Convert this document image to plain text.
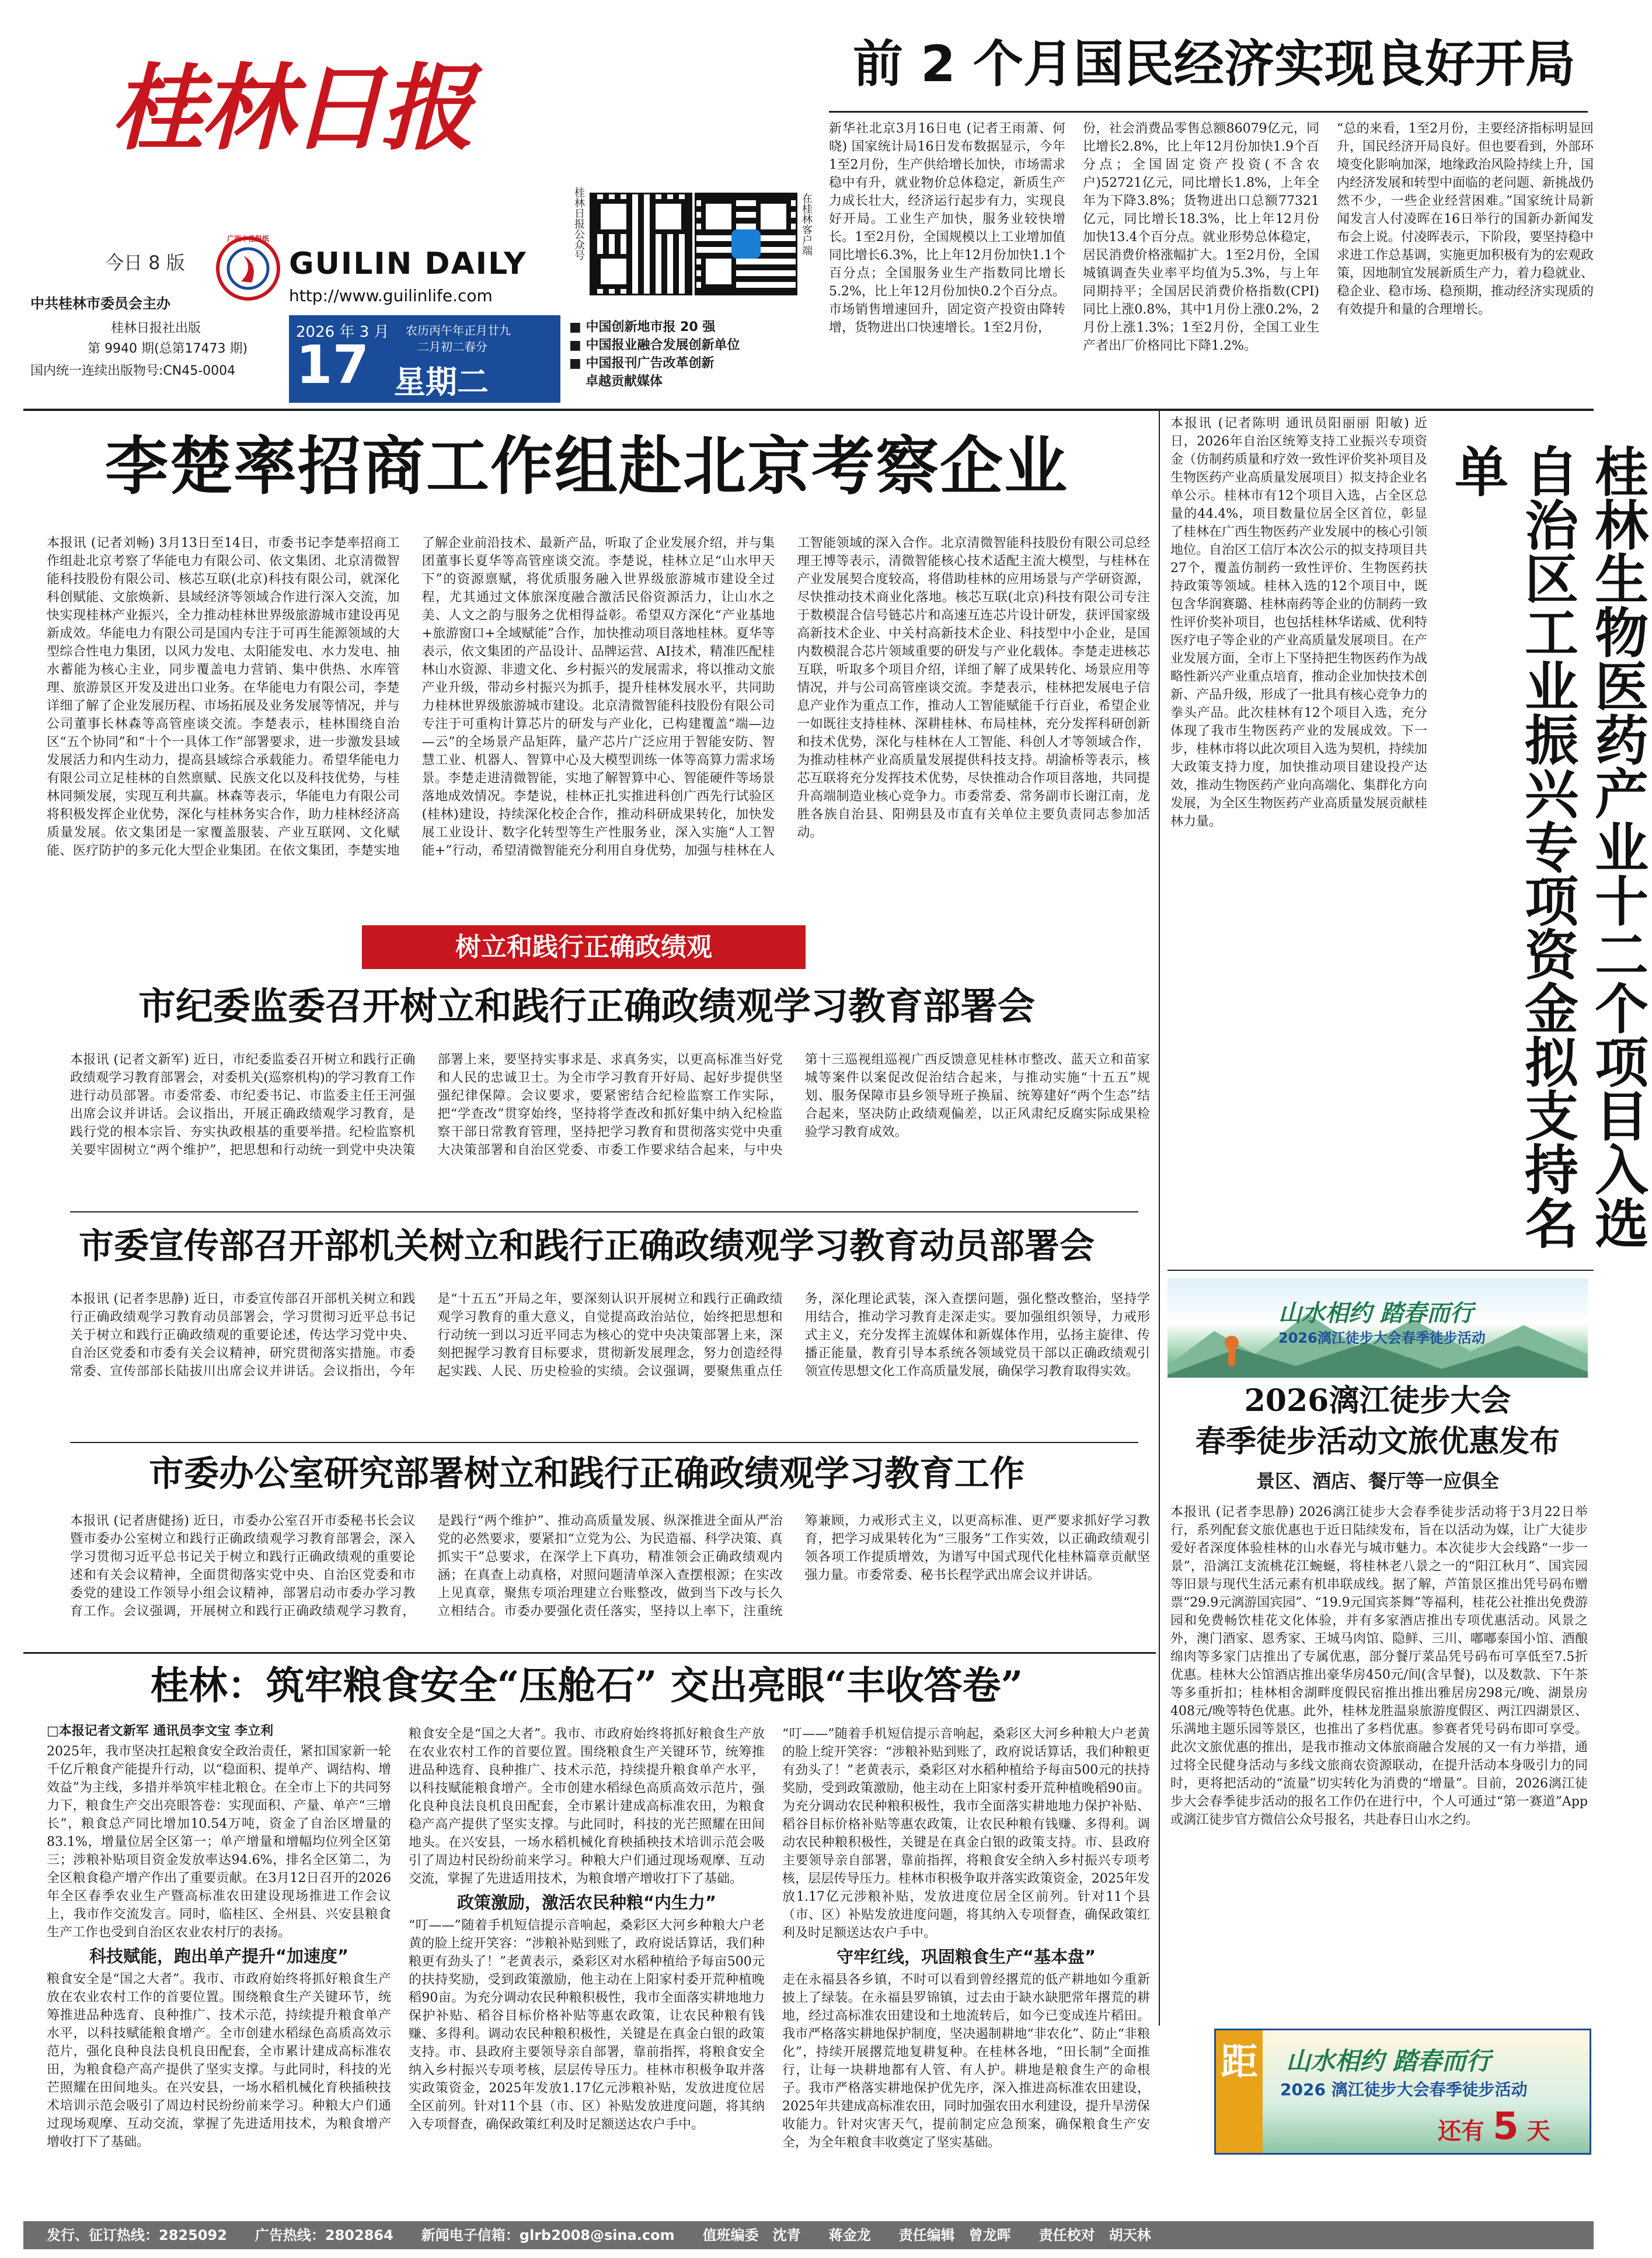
桂林日报
今日 8 版
广西十佳报纸
中共桂林市委员会主办
GUILIN DAILY
http://www.guilinlife.com
桂林日报社出版
第 9940 期(总第17473 期)
国内统一连续出版物号:CN45-0004
2026 年 3 月
17
农历丙午年正月廿九
二月初二春分
星期二
桂林日报公众号	在桂林客户端
■ 中国创新地市报 20 强
■ 中国报业融合发展创新单位
■ 中国报刊广告改革创新
卓越贡献媒体
前 2 个月国民经济实现良好开局
新华社北京3月16日电 (记者王雨萧、何晓) 国家统计局16日发布数据显示，今年1至2月份，生产供给增长加快，市场需求稳中有升，就业物价总体稳定，新质生产力成长壮大，经济运行起步有力，实现良好开局。工业生产加快，服务业较快增长。1至2月份，全国规模以上工业增加值同比增长6.3%，比上年12月份加快1.1个百分点；全国服务业生产指数同比增长5.2%，比上年12月份加快0.2个百分点。市场销售增速回升，固定资产投资由降转增，货物进出口快速增长。1至2月份，
份，社会消费品零售总额86079亿元，同比增长2.8%，比上年12月份加快1.9个百分点；全国固定资产投资(不含农户)52721亿元，同比增长1.8%，上年全年为下降3.8%；货物进出口总额77321亿元，同比增长18.3%，比上年12月份加快13.4个百分点。就业形势总体稳定，居民消费价格涨幅扩大。1至2月份，全国城镇调查失业率平均值为5.3%，与上年同期持平；全国居民消费价格指数(CPI)同比上涨0.8%，其中1月份上涨0.2%，2月份上涨1.3%；1至2月份，全国工业生产者出厂价格同比下降1.2%。
“总的来看，1至2月份，主要经济指标明显回升，国民经济开局良好。但也要看到，外部环境变化影响加深，地缘政治风险持续上升，国内经济发展和转型中面临的老问题、新挑战仍然不少，一些企业经营困难。”国家统计局新闻发言人付凌晖在16日举行的国新办新闻发布会上说。付凌晖表示，下阶段，要坚持稳中求进工作总基调，实施更加积极有为的宏观政策，因地制宜发展新质生产力，着力稳就业、稳企业、稳市场、稳预期，推动经济实现质的有效提升和量的合理增长。
李楚率招商工作组赴北京考察企业
本报讯 (记者刘畅) 3月13日至14日，市委书记李楚率招商工作组赴北京考察了华能电力有限公司、依文集团、北京清微智能科技股份有限公司、核芯互联(北京)科技有限公司，就深化科创赋能、文旅焕新、县域经济等领域合作进行深入交流，加快实现桂林产业振兴，全力推动桂林世界级旅游城市建设再见新成效。华能电力有限公司是国内专注于可再生能源领域的大型综合性电力集团，以风力发电、太阳能发电、水力发电、抽水蓄能为核心主业，同步覆盖电力营销、集中供热、水库管理、旅游景区开发及进出口业务。在华能电力有限公司，李楚详细了解了企业发展历程、市场拓展及业务发展等情况，并与公司董事长林森等高管座谈交流。李楚表示，桂林围绕自治区“五个协同”和“十个一具体工作”部署要求，进一步激发县域发展活力和内生动力，提高县域综合承载能力。希望华能电力有限公司立足桂林的自然禀赋、民族文化以及科技优势，与桂林同频发展，实现互利共赢。林森等表示，华能电力有限公司将积极发挥企业优势，深化与桂林务实合作，助力桂林经济高质量发展。依文集团是一家覆盖服装、产业互联网、文化赋能、医疗防护的多元化大型企业集团。在依文集团，李楚实地了解企业前沿技术、最新产品，听取了企业发展介绍，并与集团董事长夏华等高管座谈交流。李楚说，桂林立足“山水甲天下”的资源禀赋，将优质服务融入世界级旅游城市建设全过程，尤其通过文体旅深度融合激活民俗资源活力，让山水之美、人文之韵与服务之优相得益彰。希望双方深化“产业基地+旅游窗口+全域赋能”合作，加快推动项目落地桂林。夏华等表示，依文集团的产品设计、品牌运营、AI技术，精准匹配桂林山水资源、非遗文化、乡村振兴的发展需求，将以推动文旅产业升级，带动乡村振兴为抓手，提升桂林发展水平，共同助力桂林世界级旅游城市建设。北京清微智能科技股份有限公司专注于可重构计算芯片的研发与产业化，已构建覆盖“端—边—云”的全场景产品矩阵，量产芯片广泛应用于智能安防、智慧工业、机器人、智算中心及大模型训练一体等高算力需求场景。李楚走进清微智能，实地了解智算中心、智能硬件等场景落地成效情况。李楚说，桂林正扎实推进科创广西先行试验区(桂林)建设，持续深化校企合作，推动科研成果转化，加快发展工业设计、数字化转型等生产性服务业，深入实施“人工智能+”行动，希望清微智能充分利用自身优势，加强与桂林在人工智能领域的深入合作。北京清微智能科技股份有限公司总经理王博等表示，清微智能核心技术适配主流大模型，与桂林在产业发展契合度较高，将借助桂林的应用场景与产学研资源，尽快推动技术商业化落地。核芯互联(北京)科技有限公司专注于数模混合信号链芯片和高速互连芯片设计研发，获评国家级高新技术企业、中关村高新技术企业、科技型中小企业，是国内数模混合芯片领域重要的研发与产业化载体。李楚走进核芯互联，听取多个项目介绍，详细了解了成果转化、场景应用等情况，并与公司高管座谈交流。李楚表示，桂林把发展电子信息产业作为重点工作，推动人工智能赋能千行百业，希望企业一如既往支持桂林、深耕桂林、布局桂林，充分发挥科研创新和技术优势，深化与桂林在人工智能、科创人才等领域合作，为推动桂林产业高质量发展提供科技支持。胡渝桥等表示，核芯互联将充分发挥技术优势，尽快推动合作项目落地，共同提升高端制造业核心竞争力。市委常委、常务副市长谢江南，龙胜各族自治县、阳朔县及市直有关单位主要负责同志参加活动。	桂林生物医药产业十二个项目入选自治区工业振兴专项资金拟支持名单
本报讯 (记者陈明 通讯员阳丽丽 阳敏) 近日，2026年自治区统筹支持工业振兴专项资金（仿制药质量和疗效一致性评价奖补项目及生物医药产业高质量发展项目）拟支持企业名单公示。桂林市有12个项目入选，占全区总量的44.4%，项目数量位居全区首位，彰显了桂林在广西生物医药产业发展中的核心引领地位。自治区工信厅本次公示的拟支持项目共27个，覆盖仿制药一致性评价、生物医药扶持政策等领域。桂林入选的12个项目中，既包含华润赛璐、桂林南药等企业的仿制药一致性评价奖补项目，也包括桂林华诺威、优利特医疗电子等企业的产业高质量发展项目。在产业发展方面，全市上下坚持把生物医药作为战略性新兴产业重点培育，推动企业加快技术创新、产品升级，形成了一批具有核心竞争力的拳头产品。此次桂林有12个项目入选，充分体现了我市生物医药产业的发展成效。下一步，桂林市将以此次项目入选为契机，持续加大政策支持力度，加快推动项目建设投产达效，推动生物医药产业向高端化、集群化方向发展，为全区生物医药产业高质量发展贡献桂林力量。
树立和践行正确政绩观
市纪委监委召开树立和践行正确政绩观学习教育部署会
本报讯 (记者文新军) 近日，市纪委监委召开树立和践行正确政绩观学习教育部署会，对委机关(巡察机构)的学习教育工作进行动员部署。市委常委、市纪委书记、市监委主任王河强出席会议并讲话。会议指出，开展正确政绩观学习教育，是践行党的根本宗旨、夯实执政根基的重要举措。纪检监察机关要牢固树立“两个维护”，把思想和行动统一到党中央决策部署上来，要坚持实事求是、求真务实，以更高标准当好党和人民的忠诚卫士。为全市学习教育开好局、起好步提供坚强纪律保障。会议要求，要紧密结合纪检监察工作实际，把“学查改”贯穿始终，坚持将学查改和抓好集中纳入纪检监察干部日常教育管理，坚持把学习教育和贯彻落实党中央重大决策部署和自治区党委、市委工作要求结合起来，与中央第十三巡视组巡视广西反馈意见桂林市整改、蓝天立和苗家城等案件以案促改促治结合起来，与推动实施“十五五”规划、服务保障市县乡领导班子换届、统筹建好“两个生态”结合起来，坚决防止政绩观偏差，以正风肃纪反腐实际成果检验学习教育成效。
市委宣传部召开部机关树立和践行正确政绩观学习教育动员部署会
本报讯 (记者李思静) 近日，市委宣传部召开部机关树立和践行正确政绩观学习教育动员部署会，学习贯彻习近平总书记关于树立和践行正确政绩观的重要论述，传达学习党中央、自治区党委和市委有关会议精神，研究贯彻落实措施。市委常委、宣传部部长陆拔川出席会议并讲话。会议指出，今年是“十五五”开局之年，要深刻认识开展树立和践行正确政绩观学习教育的重大意义，自觉提高政治站位，始终把思想和行动统一到以习近平同志为核心的党中央决策部署上来，深刻把握学习教育目标要求，贯彻新发展理念，努力创造经得起实践、人民、历史检验的实绩。会议强调，要聚焦重点任务，深化理论武装，深入查摆问题，强化整改整治，坚持学用结合，推动学习教育走深走实。要加强组织领导，力戒形式主义，充分发挥主流媒体和新媒体作用，弘扬主旋律、传播正能量，教育引导本系统各领域党员干部以正确政绩观引领宣传思想文化工作高质量发展，确保学习教育取得实效。
市委办公室研究部署树立和践行正确政绩观学习教育工作
本报讯 (记者唐健扬) 近日，市委办公室召开市委秘书长会议暨市委办公室树立和践行正确政绩观学习教育部署会，深入学习贯彻习近平总书记关于树立和践行正确政绩观的重要论述和有关会议精神，全面贯彻落实党中央、自治区党委和市委党的建设工作领导小组会议精神，部署启动市委办学习教育工作。会议强调，开展树立和践行正确政绩观学习教育，是践行“两个维护”、推动高质量发展、纵深推进全面从严治党的必然要求，要紧扣“立党为公、为民造福、科学决策、真抓实干”总要求，在深学上下真功，精准领会正确政绩观内涵；在真查上动真格，对照问题清单深入查摆根源；在实改上见真章，聚焦专项治理建立台账整改，做到当下改与长久立相结合。市委办要强化责任落实，坚持以上率下，注重统筹兼顾，力戒形式主义，以更高标准、更严要求抓好学习教育，把学习成果转化为“三服务”工作实效，以正确政绩观引领各项工作提质增效，为谱写中国式现代化桂林篇章贡献坚强力量。市委常委、秘书长程学武出席会议并讲话。
桂林：筑牢粮食安全“压舱石” 交出亮眼“丰收答卷”
□本报记者文新军 通讯员李文宝 李立利
2025年，我市坚决扛起粮食安全政治责任，紧扣国家新一轮千亿斤粮食产能提升行动，以“稳面积、提单产、调结构、增效益”为主线，多措并举筑牢桂北粮仓。在全市上下的共同努力下，粮食生产交出亮眼答卷：实现面积、产量、单产“三增长”，粮食总产同比增加10.54万吨，资金了自治区增量的83.1%，增量位居全区第一；单产增量和增幅均位列全区第三；涉粮补贴项目资金发放率达94.6%，排名全区第二，为全区粮食稳产增产作出了重要贡献。在3月12日召开的2026年全区春季农业生产暨高标准农田建设现场推进工作会议上，我市作交流发言。同时，临桂区、全州县、兴安县粮食生产工作也受到自治区农业农村厅的表扬。
科技赋能，跑出单产提升“加速度”
粮食安全是“国之大者”。我市、市政府始终将抓好粮食生产放在农业农村工作的首要位置。围绕粮食生产关键环节，统筹推进品种选育、良种推广、技术示范，持续提升粮食单产水平，以科技赋能粮食增产。全市创建水稻绿色高质高效示范片，强化良种良法良机良田配套，全市累计建成高标准农田，为粮食稳产高产提供了坚实支撑。与此同时，科技的光芒照耀在田间地头。在兴安县，一场水稻机械化育秧插秧技术培训示范会吸引了周边村民纷纷前来学习。种粮大户们通过现场观摩、互动交流，掌握了先进适用技术，为粮食增产增收打下了基础。
粮食安全是“国之大者”。我市、市政府始终将抓好粮食生产放在农业农村工作的首要位置。围绕粮食生产关键环节，统筹推进品种选育、良种推广、技术示范，持续提升粮食单产水平，以科技赋能粮食增产。全市创建水稻绿色高质高效示范片，强化良种良法良机良田配套，全市累计建成高标准农田，为粮食稳产高产提供了坚实支撑。与此同时，科技的光芒照耀在田间地头。在兴安县，一场水稻机械化育秧插秧技术培训示范会吸引了周边村民纷纷前来学习。种粮大户们通过现场观摩、互动交流，掌握了先进适用技术，为粮食增产增收打下了基础。
政策激励，激活农民种粮“内生力”
“叮——”随着手机短信提示音响起，桑彩区大河乡种粮大户老黄的脸上绽开笑容：“涉粮补贴到账了，政府说话算话，我们种粮更有劲头了！”老黄表示，桑彩区对水稻种植给予每亩500元的扶持奖励，受到政策激励，他主动在上阳家村委开荒种植晚稻90亩。为充分调动农民种粮积极性，我市全面落实耕地地力保护补贴、稻谷目标价格补贴等惠农政策，让农民种粮有钱赚、多得利。调动农民种粮积极性，关键是在真金白银的政策支持。市、县政府主要领导亲自部署，靠前指挥，将粮食安全纳入乡村振兴专项考核，层层传导压力。桂林市积极争取并落实政策资金，2025年发放1.17亿元涉粮补贴，发放进度位居全区前列。针对11个县（市、区）补贴发放进度问题，将其纳入专项督查，确保政策红利及时足额送达农户手中。
“叮——”随着手机短信提示音响起，桑彩区大河乡种粮大户老黄的脸上绽开笑容：“涉粮补贴到账了，政府说话算话，我们种粮更有劲头了！”老黄表示，桑彩区对水稻种植给予每亩500元的扶持奖励，受到政策激励，他主动在上阳家村委开荒种植晚稻90亩。为充分调动农民种粮积极性，我市全面落实耕地地力保护补贴、稻谷目标价格补贴等惠农政策，让农民种粮有钱赚、多得利。调动农民种粮积极性，关键是在真金白银的政策支持。市、县政府主要领导亲自部署，靠前指挥，将粮食安全纳入乡村振兴专项考核，层层传导压力。桂林市积极争取并落实政策资金，2025年发放1.17亿元涉粮补贴，发放进度位居全区前列。针对11个县（市、区）补贴发放进度问题，将其纳入专项督查，确保政策红利及时足额送达农户手中。
守牢红线，巩固粮食生产“基本盘”
走在永福县各乡镇，不时可以看到曾经撂荒的低产耕地如今重新披上了绿装。在永福县罗锦镇，过去由于缺水缺肥常年撂荒的耕地，经过高标准农田建设和土地流转后，如今已变成连片稻田。我市严格落实耕地保护制度，坚决遏制耕地“非农化”、防止“非粮化”，持续开展撂荒地复耕复种。在桂林各地，“田长制”全面推行，让每一块耕地都有人管、有人护。耕地是粮食生产的命根子。我市严格落实耕地保护优先序，深入推进高标准农田建设，2025年共建成高标准农田，同时加强农田水利建设，提升旱涝保收能力。针对灾害天气，提前制定应急预案，确保粮食生产安全，为全年粮食丰收奠定了坚实基础。
山水相约 踏春而行
2026漓江徒步大会春季徒步活动
2026漓江徒步大会
春季徒步活动文旅优惠发布
景区、酒店、餐厅等一应俱全
本报讯 (记者李思静) 2026漓江徒步大会春季徒步活动将于3月22日举行，系列配套文旅优惠也于近日陆续发布，旨在以活动为媒，让广大徒步爱好者深度体验桂林的山水春光与城市魅力。本次徒步大会线路“一步一景”，沿漓江支流桃花江蜿蜒，将桂林老八景之一的“阳江秋月”、国宾园等旧景与现代生活元素有机串联成线。据了解，芦笛景区推出凭号码布赠票“29.9元漓游国宾园”、“19.9元国宾茶舞”等福利，桂花公社推出免费游园和免费畅饮桂花文化体验，并有多家酒店推出专项优惠活动。风景之外，澳门酒家、恩秀家、王城马肉馆、隐鲜、三川、嘟嘟泰国小馆、酒酿绵肉等多家门店推出了专属优惠，部分餐厅菜品凭号码布可享低至7.5折优惠。桂林大公馆酒店推出豪华房450元/间(含早餐)，以及数款、下午茶等多重折扣；桂林相舍湖畔度假民宿推出推出雅居房298元/晚、湖景房408元/晚等特色优惠。此外，桂林龙胜温泉旅游度假区、两江四湖景区、乐满地主题乐园等景区，也推出了多档优惠。参赛者凭号码布即可享受。此次文旅优惠的推出，是我市推动文体旅商融合发展的又一有力举措，通过将全民健身活动与多线文旅商农资源联动，在提升活动本身吸引力的同时，更将把活动的“流量”切实转化为消费的“增量”。目前，2026漓江徒步大会春季徒步活动的报名工作仍在进行中，个人可通过“第一赛道”App或漓江徒步官方微信公众号报名，共赴春日山水之约。
距 山水相约 踏春而行
2026 漓江徒步大会春季徒步活动
还有 5 天
发行、征订热线：2825092　　广告热线：2802864　　新闻电子信箱：glrb2008@sina.com　　值班编委　沈青　　蒋金龙　　责任编辑　曾龙晖　　责任校对　胡天林
